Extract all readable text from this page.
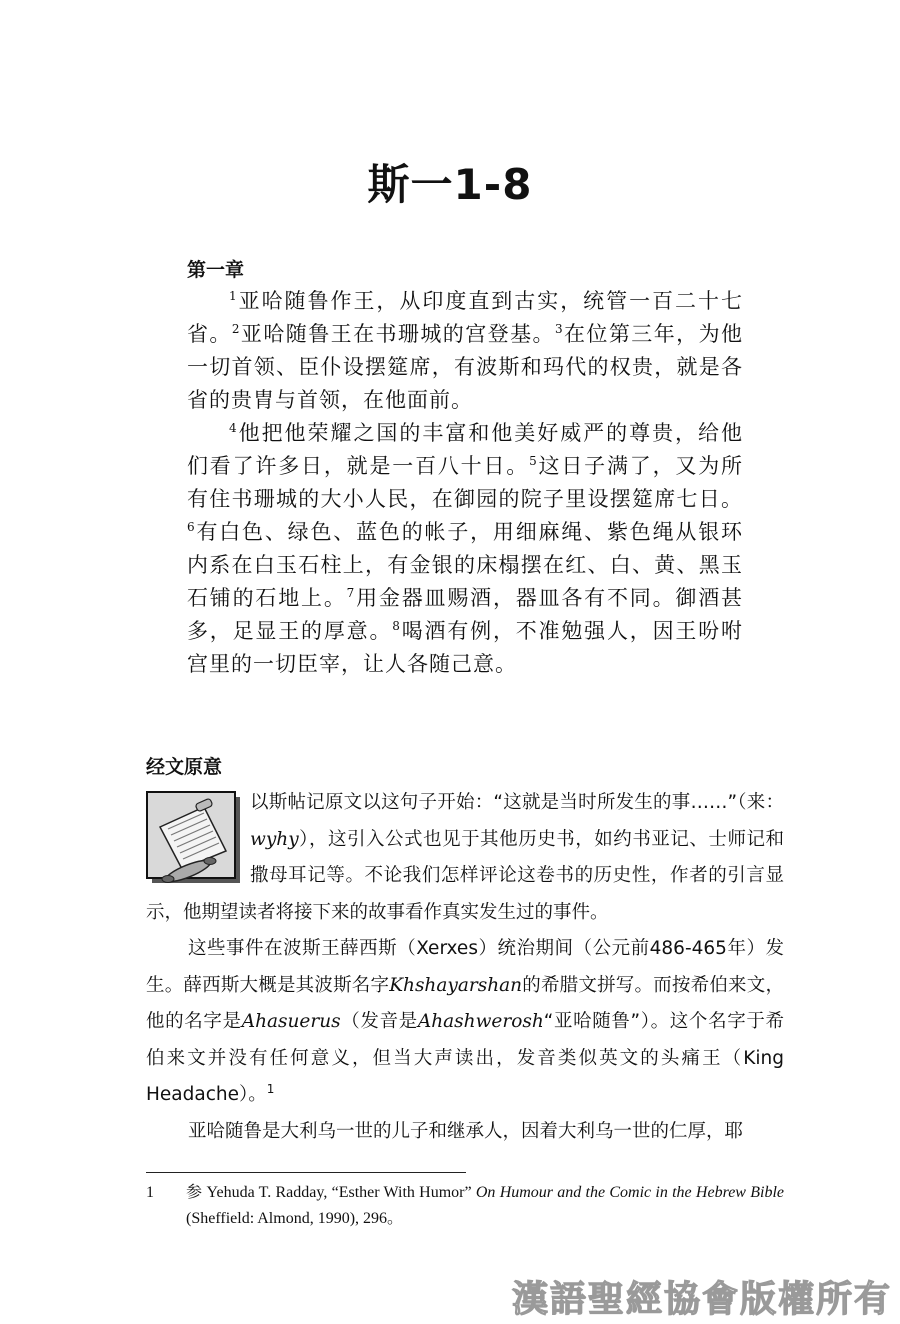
斯一1-8
第一章

$^1$亚哈随鲁作王，从印度直到古实，统管一百二十七省。$^2$亚哈随鲁王在书珊城的宫登基。$^3$在位第三年，为他一切首领、臣仆设摆筵席，有波斯和玛代的权贵，就是各省的贵胄与首领，在他面前。

$^4$他把他荣耀之国的丰富和他美好威严的尊贵，给他们看了许多日，就是一百八十日。$^5$这日子满了，又为所有住书珊城的大小人民，在御园的院子里设摆筵席七日。$^6$有白色、绿色、蓝色的帐子，用细麻绳、紫色绳从银环内系在白玉石柱上，有金银的床榻摆在红、白、黄、黑玉石铺的石地上。$^7$用金器皿赐酒，器皿各有不同。御酒甚多，足显王的厚意。$^8$喝酒有例，不准勉强人，因王吩咐宫里的一切臣宰，让人各随己意。

经文原意

以斯帖记原文以这句子开始：“这就是当时所发生的事……”（来：wyhy），这引入公式也见于其他历史书，如约书亚记、士师记和撒母耳记等。不论我们怎样评论这卷书的历史性，作者的引言显示，他期望读者将接下来的故事看作真实发生过的事件。

这些事件在波斯王薛西斯（Xerxes）统治期间（公元前486-465年）发生。薛西斯大概是其波斯名字Khshayarshan的希腊文拼写。而按希伯来文，他的名字是Ahasuerus（发音是Ahashwerosh“亚哈随鲁”）。这个名字于希伯来文并没有任何意义，但当大声读出，发音类似英文的头痛王（King Headache）。$^1$

亚哈随鲁是大利乌一世的儿子和继承人，因着大利乌一世的仁厚，耶

1 参 Yehuda T. Radday, “Esther With Humor” On Humour and the Comic in the Hebrew Bible (Sheffield: Almond, 1990), 296。
漢語聖經協會版權所有
